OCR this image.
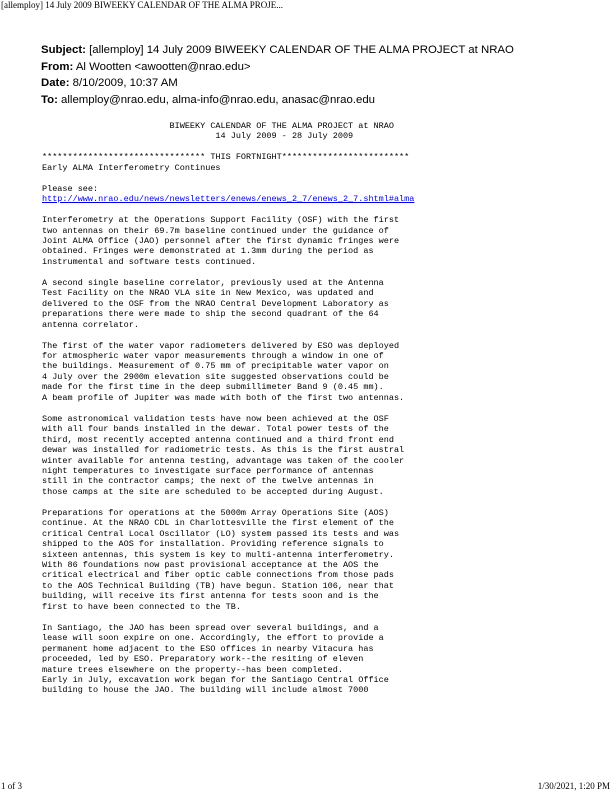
[allemploy] 14 July 2009 BIWEEKY CALENDAR OF THE ALMA PROJE...
Subject: [allemploy] 14 July 2009 BIWEEKY CALENDAR OF THE ALMA PROJECT at NRAO
From: Al Wootten <awootten@nrao.edu>
Date: 8/10/2009, 10:37 AM
To: allemploy@nrao.edu, alma-info@nrao.edu, anasac@nrao.edu
BIWEEKY CALENDAR OF THE ALMA PROJECT at NRAO
14 July 2009 - 28 July 2009

******************************** THIS FORTNIGHT*************************
Early ALMA Interferometry Continues

Please see:
http://www.nrao.edu/news/newsletters/enews/enews_2_7/enews_2_7.shtml#alma

Interferometry at the Operations Support Facility (OSF) with the first
two antennas on their 69.7m baseline continued under the guidance of
Joint ALMA Office (JAO) personnel after the first dynamic fringes were
obtained. Fringes were demonstrated at 1.3mm during the period as
instrumental and software tests continued.

A second single baseline correlator, previously used at the Antenna
Test Facility on the NRAO VLA site in New Mexico, was updated and
delivered to the OSF from the NRAO Central Development Laboratory as
preparations there were made to ship the second quadrant of the 64
antenna correlator.

The first of the water vapor radiometers delivered by ESO was deployed
for atmospheric water vapor measurements through a window in one of
the buildings. Measurement of 0.75 mm of precipitable water vapor on
4 July over the 2900m elevation site suggested observations could be
made for the first time in the deep submillimeter Band 9 (0.45 mm).
A beam profile of Jupiter was made with both of the first two antennas.

Some astronomical validation tests have now been achieved at the OSF
with all four bands installed in the dewar. Total power tests of the
third, most recently accepted antenna continued and a third front end
dewar was installed for radiometric tests. As this is the first austral
winter available for antenna testing, advantage was taken of the cooler
night temperatures to investigate surface performance of antennas
still in the contractor camps; the next of the twelve antennas in
those camps at the site are scheduled to be accepted during August.

Preparations for operations at the 5000m Array Operations Site (AOS)
continue. At the NRAO CDL in Charlottesville the first element of the
critical Central Local Oscillator (LO) system passed its tests and was
shipped to the AOS for installation. Providing reference signals to
sixteen antennas, this system is key to multi-antenna interferometry.
With 86 foundations now past provisional acceptance at the AOS the
critical electrical and fiber optic cable connections from those pads
to the AOS Technical Building (TB) have begun. Station 106, near that
building, will receive its first antenna for tests soon and is the
first to have been connected to the TB.

In Santiago, the JAO has been spread over several buildings, and a
lease will soon expire on one. Accordingly, the effort to provide a
permanent home adjacent to the ESO offices in nearby Vitacura has
proceeded, led by ESO. Preparatory work--the resiting of eleven
mature trees elsewhere on the property--has been completed.
Early in July, excavation work began for the Santiago Central Office
building to house the JAO. The building will include almost 7000
1 of 3	1/30/2021, 1:20 PM
